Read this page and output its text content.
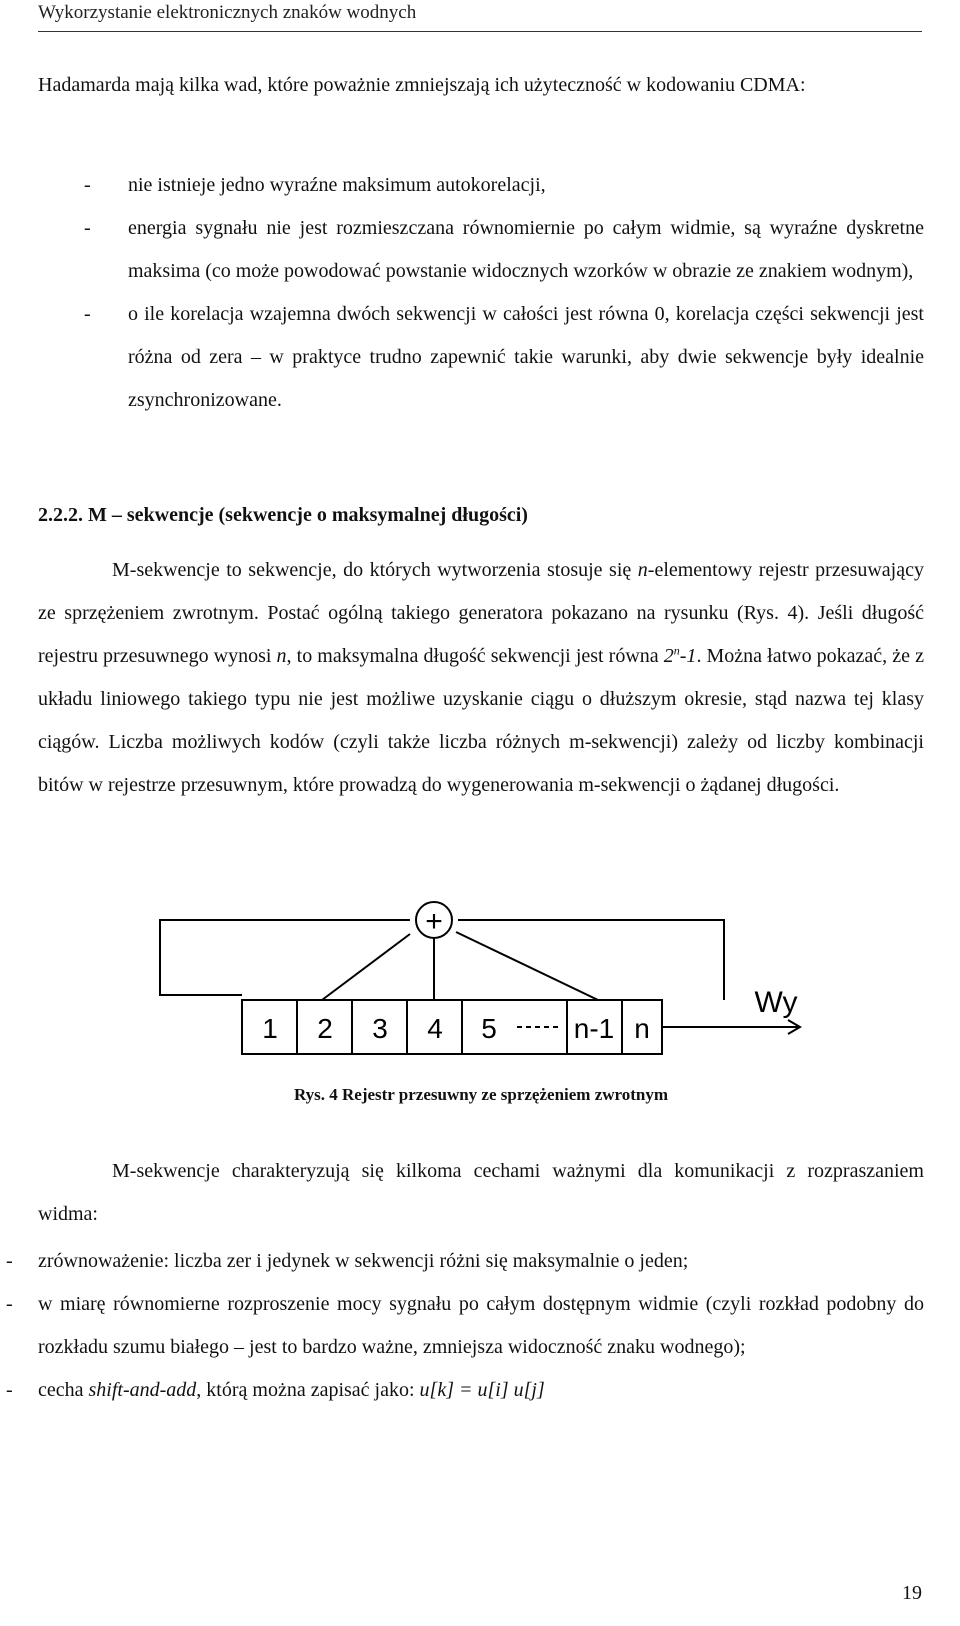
Wykorzystanie elektronicznych znaków wodnych

Hadamarda mają kilka wad, które poważnie zmniejszają ich użyteczność w kodowaniu CDMA:

- nie istnieje jedno wyraźne maksimum autokorelacji,
- energia sygnału nie jest rozmieszczana równomiernie po całym widmie, są wyraźne dyskretne maksima (co może powodować powstanie widocznych wzorków w obrazie ze znakiem wodnym),
- o ile korelacja wzajemna dwóch sekwencji w całości jest równa 0, korelacja części sekwencji jest różna od zera – w praktyce trudno zapewnić takie warunki, aby dwie sekwencje były idealnie zsynchronizowane.

2.2.2. M – sekwencje (sekwencje o maksymalnej długości)

M-sekwencje to sekwencje, do których wytworzenia stosuje się n-elementowy rejestr przesuwający ze sprzężeniem zwrotnym. Postać ogólną takiego generatora pokazano na rysunku (Rys. 4). Jeśli długość rejestru przesuwnego wynosi n, to maksymalna długość sekwencji jest równa 2$^n$-1. Można łatwo pokazać, że z układu liniowego takiego typu nie jest możliwe uzyskanie ciągu o dłuższym okresie, stąd nazwa tej klasy ciągów. Liczba możliwych kodów (czyli także liczba różnych m-sekwencji) zależy od liczby kombinacji bitów w rejestrze przesuwnym, które prowadzą do wygenerowania m-sekwencji o żądanej długości.

+
1 2 3 4 5	n-1 n
Wy
Rys. 4 Rejestr przesuwny ze sprzężeniem zwrotnym

M-sekwencje charakteryzują się kilkoma cechami ważnymi dla komunikacji z rozpraszaniem widma:

- zrównoważenie: liczba zer i jedynek w sekwencji różni się maksymalnie o jeden;
- w miarę równomierne rozproszenie mocy sygnału po całym dostępnym widmie (czyli rozkład podobny do rozkładu szumu białego – jest to bardzo ważne, zmniejsza widoczność znaku wodnego);
- cecha shift-and-add, którą można zapisać jako: u[k] = u[i] u[j]
19
